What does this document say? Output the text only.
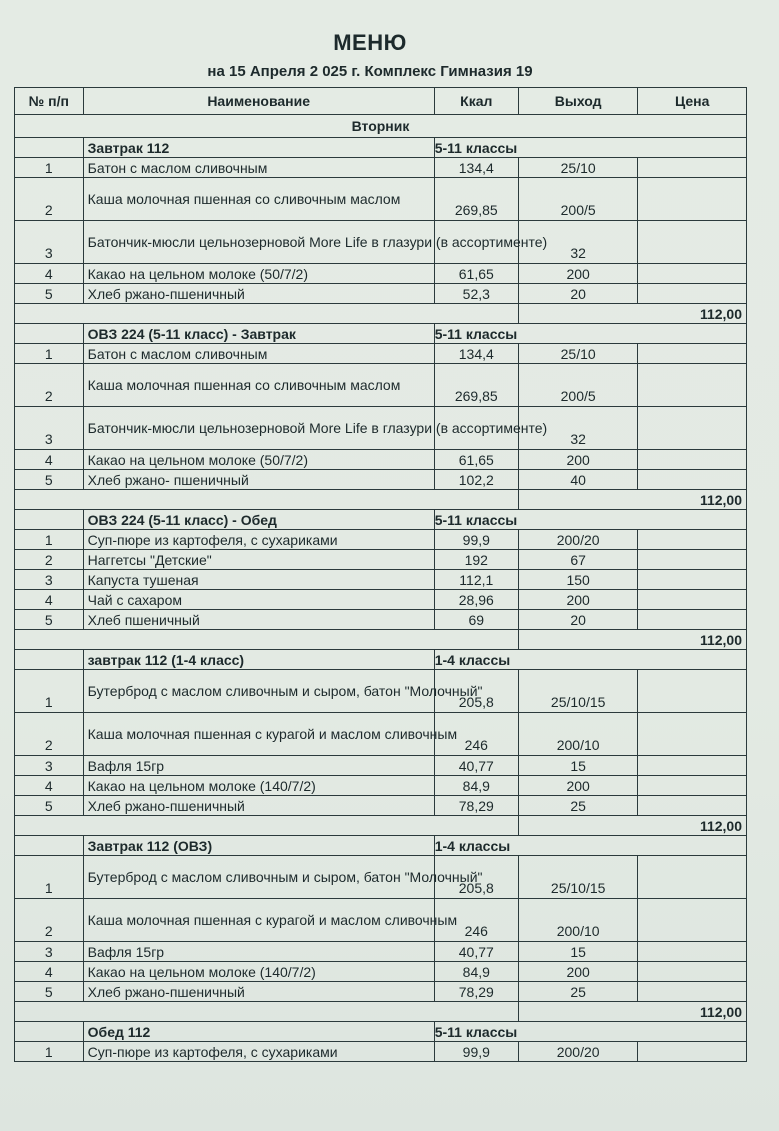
МЕНЮ
на 15 Апреля 2 025 г. Комплекс Гимназия 19
№ п/п	Наименование	Ккал	Выход	Цена
Вторник				
	Завтрак 112	5-11 классы		
1	Батон с маслом сливочным	134,4	25/10	
2	Каша молочная пшенная со сливочным маслом	269,85	200/5	
3	Батончик-мюсли цельнозерновой More Life в глазури (в ассортименте)		32	
4	Какао на цельном молоке (50/7/2)	61,65	200	
5	Хлеб ржано-пшеничный	52,3	20	
			112,00	
	ОВЗ 224 (5-11 класс) - Завтрак	5-11 классы		
1	Батон с маслом сливочным	134,4	25/10	
2	Каша молочная пшенная со сливочным маслом	269,85	200/5	
3	Батончик-мюсли цельнозерновой More Life в глазури (в ассортименте)		32	
4	Какао на цельном молоке (50/7/2)	61,65	200	
5	Хлеб ржано- пшеничный	102,2	40	
			112,00	
	ОВЗ 224 (5-11 класс) - Обед	5-11 классы		
1	Суп-пюре из картофеля, с сухариками	99,9	200/20	
2	Наггетсы "Детские"	192	67	
3	Капуста тушеная	112,1	150	
4	Чай с сахаром	28,96	200	
5	Хлеб пшеничный	69	20	
			112,00	
	завтрак 112 (1-4 класс)	1-4 классы		
1	Бутерброд с маслом сливочным и сыром, батон "Молочный"	205,8	25/10/15	
2	Каша молочная пшенная с курагой и маслом сливочным	246	200/10	
3	Вафля 15гр	40,77	15	
4	Какао на цельном молоке (140/7/2)	84,9	200	
5	Хлеб ржано-пшеничный	78,29	25	
			112,00	
	Завтрак 112 (ОВЗ)	1-4 классы		
1	Бутерброд с маслом сливочным и сыром, батон "Молочный"	205,8	25/10/15	
2	Каша молочная пшенная с курагой и маслом сливочным	246	200/10	
3	Вафля 15гр	40,77	15	
4	Какао на цельном молоке (140/7/2)	84,9	200	
5	Хлеб ржано-пшеничный	78,29	25	
			112,00	
	Обед 112	5-11 классы		
1	Суп-пюре из картофеля, с сухариками	99,9	200/20	
